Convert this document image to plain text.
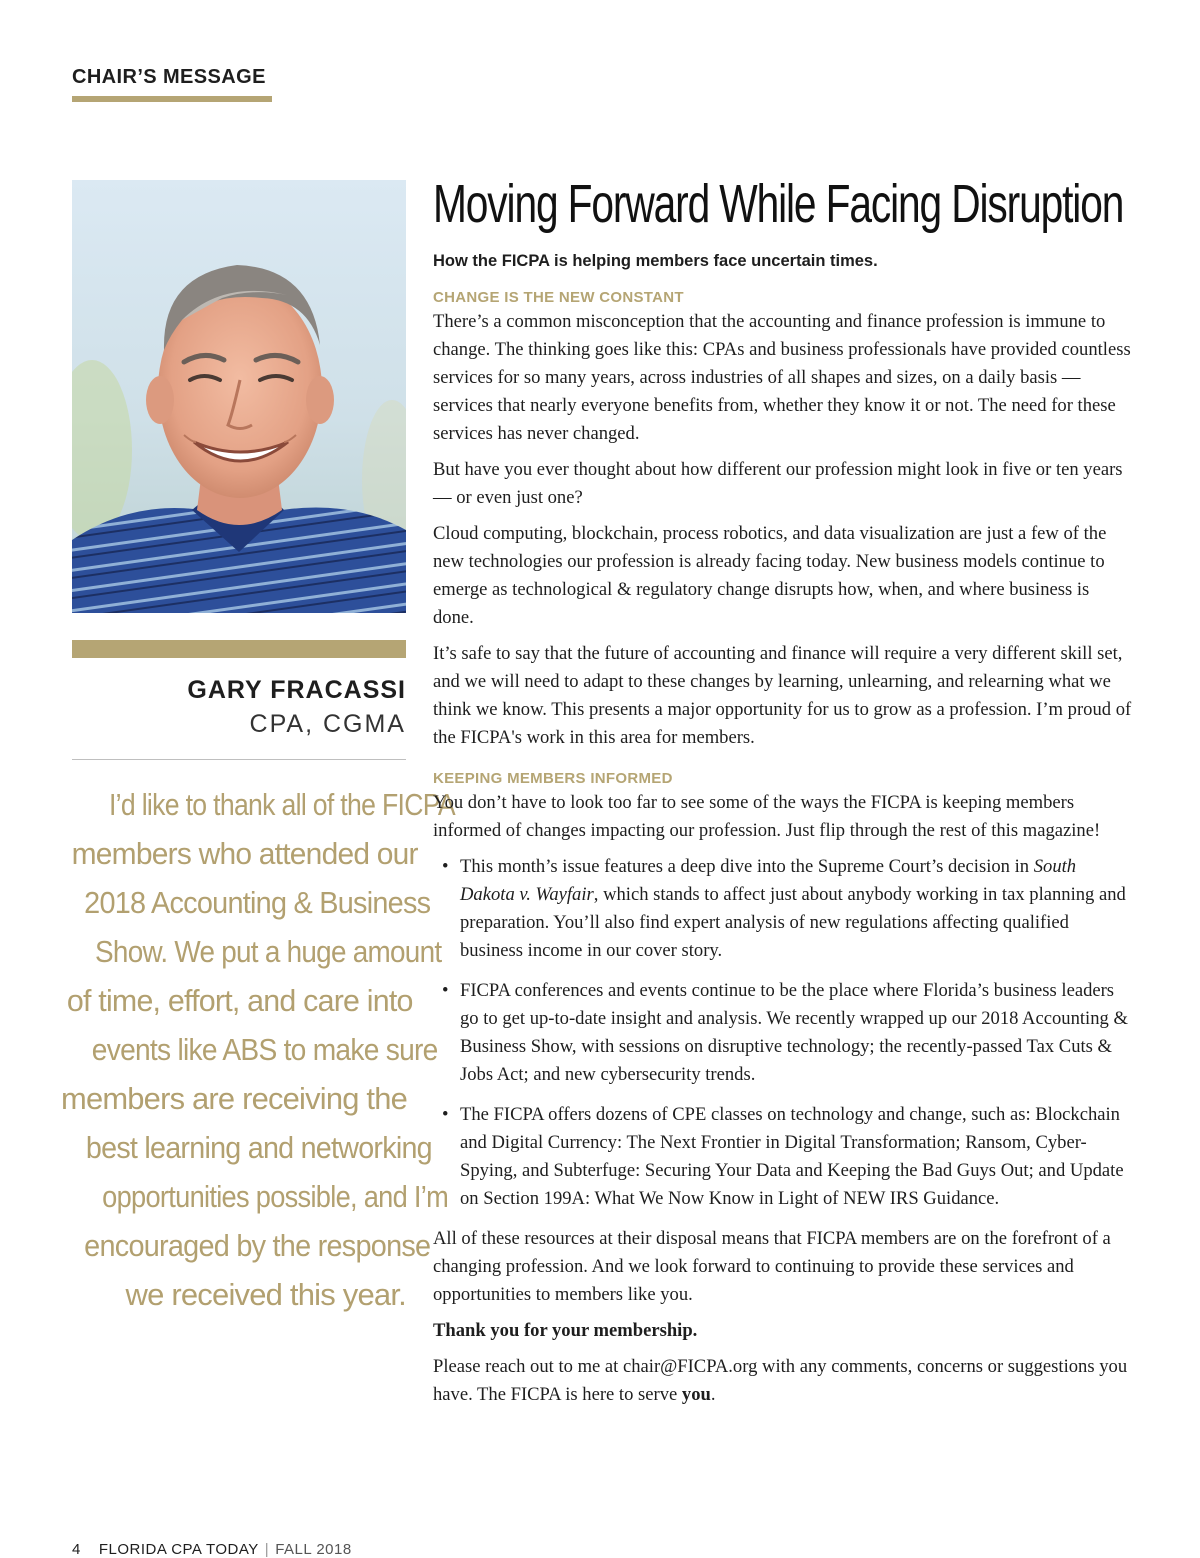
CHAIR’S MESSAGE
GARY FRACASSI
CPA, CGMA
I’d like to thank all of the FICPA
members who attended our
2018 Accounting & Business
Show. We put a huge amount
of time, effort, and care into
events like ABS to make sure
members are receiving the
best learning and networking
opportunities possible, and I’m
encouraged by the response
we received this year.
Moving Forward While Facing Disruption
How the FICPA is helping members face uncertain times.
CHANGE IS THE NEW CONSTANT

There’s a common misconception that the accounting and finance profession is immune to change. The thinking goes like this: CPAs and business professionals have provided countless services for so many years, across industries of all shapes and sizes, on a daily basis — services that nearly everyone benefits from, whether they know it or not. The need for these services has never changed.

But have you ever thought about how different our profession might look in five or ten years — or even just one?

Cloud computing, blockchain, process robotics, and data visualization are just a few of the new technologies our profession is already facing today. New business models continue to emerge as technological & regulatory change disrupts how, when, and where business is done.

It’s safe to say that the future of accounting and finance will require a very different skill set, and we will need to adapt to these changes by learning, unlearning, and relearning what we think we know. This presents a major opportunity for us to grow as a profession. I’m proud of the FICPA's work in this area for members.

KEEPING MEMBERS INFORMED

You don’t have to look too far to see some of the ways the FICPA is keeping members informed of changes impacting our profession. Just flip through the rest of this magazine!

• This month’s issue features a deep dive into the Supreme Court’s decision in South Dakota v. Wayfair, which stands to affect just about anybody working in tax planning and preparation. You’ll also find expert analysis of new regulations affecting qualified business income in our cover story.
• FICPA conferences and events continue to be the place where Florida’s business leaders go to get up-to-date insight and analysis. We recently wrapped up our 2018 Accounting & Business Show, with sessions on disruptive technology; the recently-passed Tax Cuts & Jobs Act; and new cybersecurity trends.
• The FICPA offers dozens of CPE classes on technology and change, such as: Blockchain and Digital Currency: The Next Frontier in Digital Transformation; Ransom, Cyber-Spying, and Subterfuge: Securing Your Data and Keeping the Bad Guys Out; and Update on Section 199A: What We Now Know in Light of NEW IRS Guidance.

All of these resources at their disposal means that FICPA members are on the forefront of a changing profession. And we look forward to continuing to provide these services and opportunities to members like you.

Thank you for your membership.

Please reach out to me at chair@FICPA.org with any comments, concerns or suggestions you have. The FICPA is here to serve you.

4 FLORIDA CPA TODAY | FALL 2018
